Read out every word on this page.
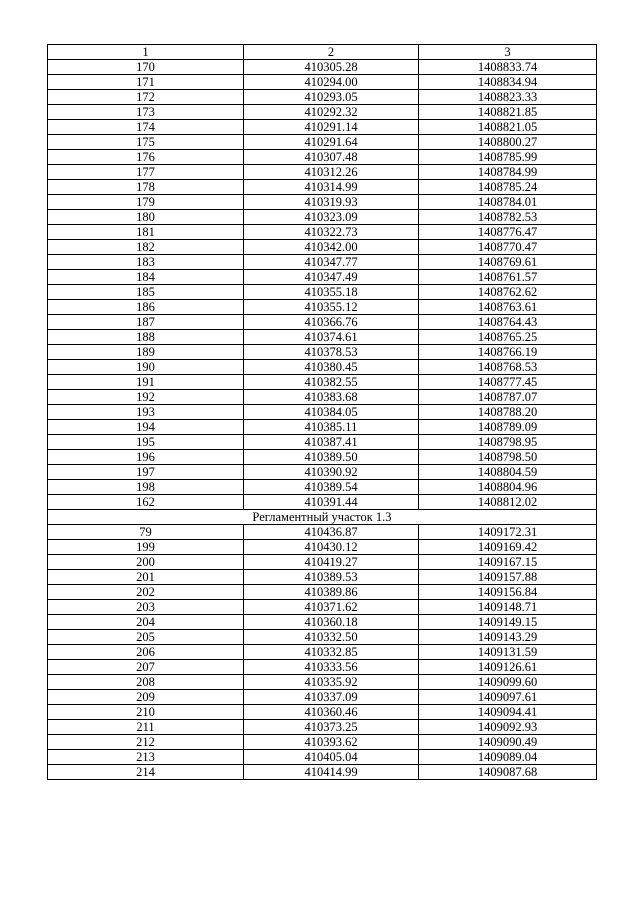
1	2	3
170	410305.28	1408833.74
171	410294.00	1408834.94
172	410293.05	1408823.33
173	410292.32	1408821.85
174	410291.14	1408821.05
175	410291.64	1408800.27
176	410307.48	1408785.99
177	410312.26	1408784.99
178	410314.99	1408785.24
179	410319.93	1408784.01
180	410323.09	1408782.53
181	410322.73	1408776.47
182	410342.00	1408770.47
183	410347.77	1408769.61
184	410347.49	1408761.57
185	410355.18	1408762.62
186	410355.12	1408763.61
187	410366.76	1408764.43
188	410374.61	1408765.25
189	410378.53	1408766.19
190	410380.45	1408768.53
191	410382.55	1408777.45
192	410383.68	1408787.07
193	410384.05	1408788.20
194	410385.11	1408789.09
195	410387.41	1408798.95
196	410389.50	1408798.50
197	410390.92	1408804.59
198	410389.54	1408804.96
162	410391.44	1408812.02
Регламентный участок 1.3		
79	410436.87	1409172.31
199	410430.12	1409169.42
200	410419.27	1409167.15
201	410389.53	1409157.88
202	410389.86	1409156.84
203	410371.62	1409148.71
204	410360.18	1409149.15
205	410332.50	1409143.29
206	410332.85	1409131.59
207	410333.56	1409126.61
208	410335.92	1409099.60
209	410337.09	1409097.61
210	410360.46	1409094.41
211	410373.25	1409092.93
212	410393.62	1409090.49
213	410405.04	1409089.04
214	410414.99	1409087.68
